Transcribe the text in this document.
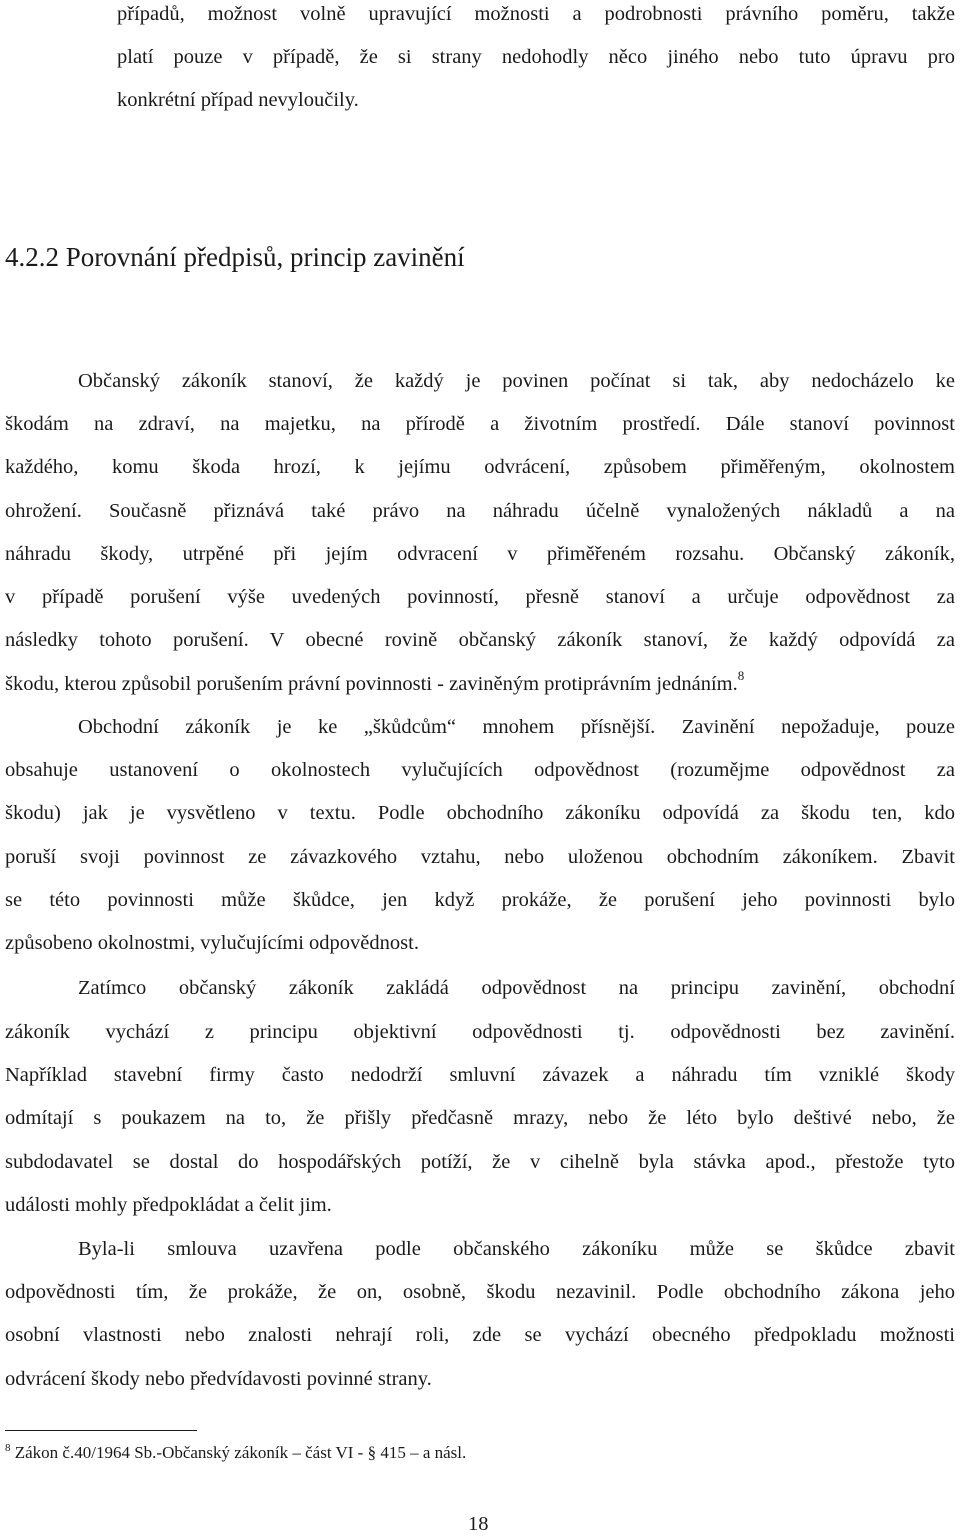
případů, možnost volně upravující možnosti a podrobnosti právního poměru, takže
platí pouze v případě, že si strany nedohodly něco jiného nebo tuto úpravu pro
konkrétní případ nevyloučily.
4.2.2 Porovnání předpisů, princip zavinění
Občanský zákoník stanoví, že každý je povinen počínat si tak, aby nedocházelo ke
škodám na zdraví, na majetku, na přírodě a životním prostředí. Dále stanoví povinnost
každého, komu škoda hrozí, k jejímu odvrácení, způsobem přiměřeným, okolnostem
ohrožení. Současně přiznává také právo na náhradu účelně vynaložených nákladů a na
náhradu škody, utrpěné při jejím odvracení v přiměřeném rozsahu. Občanský zákoník,
v případě porušení výše uvedených povinností, přesně stanoví a určuje odpovědnost za
následky tohoto porušení. V obecné rovině občanský zákoník stanoví, že každý odpovídá za
škodu, kterou způsobil porušením právní povinnosti - zaviněným protiprávním jednáním.$^8$
Obchodní zákoník je ke „škůdcům“ mnohem přísnější. Zavinění nepožaduje, pouze
obsahuje ustanovení o okolnostech vylučujících odpovědnost (rozumějme odpovědnost za
škodu) jak je vysvětleno v textu. Podle obchodního zákoníku odpovídá za škodu ten, kdo
poruší svoji povinnost ze závazkového vztahu, nebo uloženou obchodním zákoníkem. Zbavit
se této povinnosti může škůdce, jen když prokáže, že porušení jeho povinnosti bylo
způsobeno okolnostmi, vylučujícími odpovědnost.
Zatímco občanský zákoník zakládá odpovědnost na principu zavinění, obchodní
zákoník vychází z principu objektivní odpovědnosti tj. odpovědnosti bez zavinění.
Například stavební firmy často nedodrží smluvní závazek a náhradu tím vzniklé škody
odmítají s poukazem na to, že přišly předčasně mrazy, nebo že léto bylo deštivé nebo, že
subdodavatel se dostal do hospodářských potíží, že v cihelně byla stávka apod., přestože tyto
události mohly předpokládat a čelit jim.
Byla-li smlouva uzavřena podle občanského zákoníku může se škůdce zbavit
odpovědnosti tím, že prokáže, že on, osobně, škodu nezavinil. Podle obchodního zákona jeho
osobní vlastnosti nebo znalosti nehrají roli, zde se vychází obecného předpokladu možnosti
odvrácení škody nebo předvídavosti povinné strany.
$^8$ Zákon č.40/1964 Sb.-Občanský zákoník – část VI - § 415 – a násl.
18
